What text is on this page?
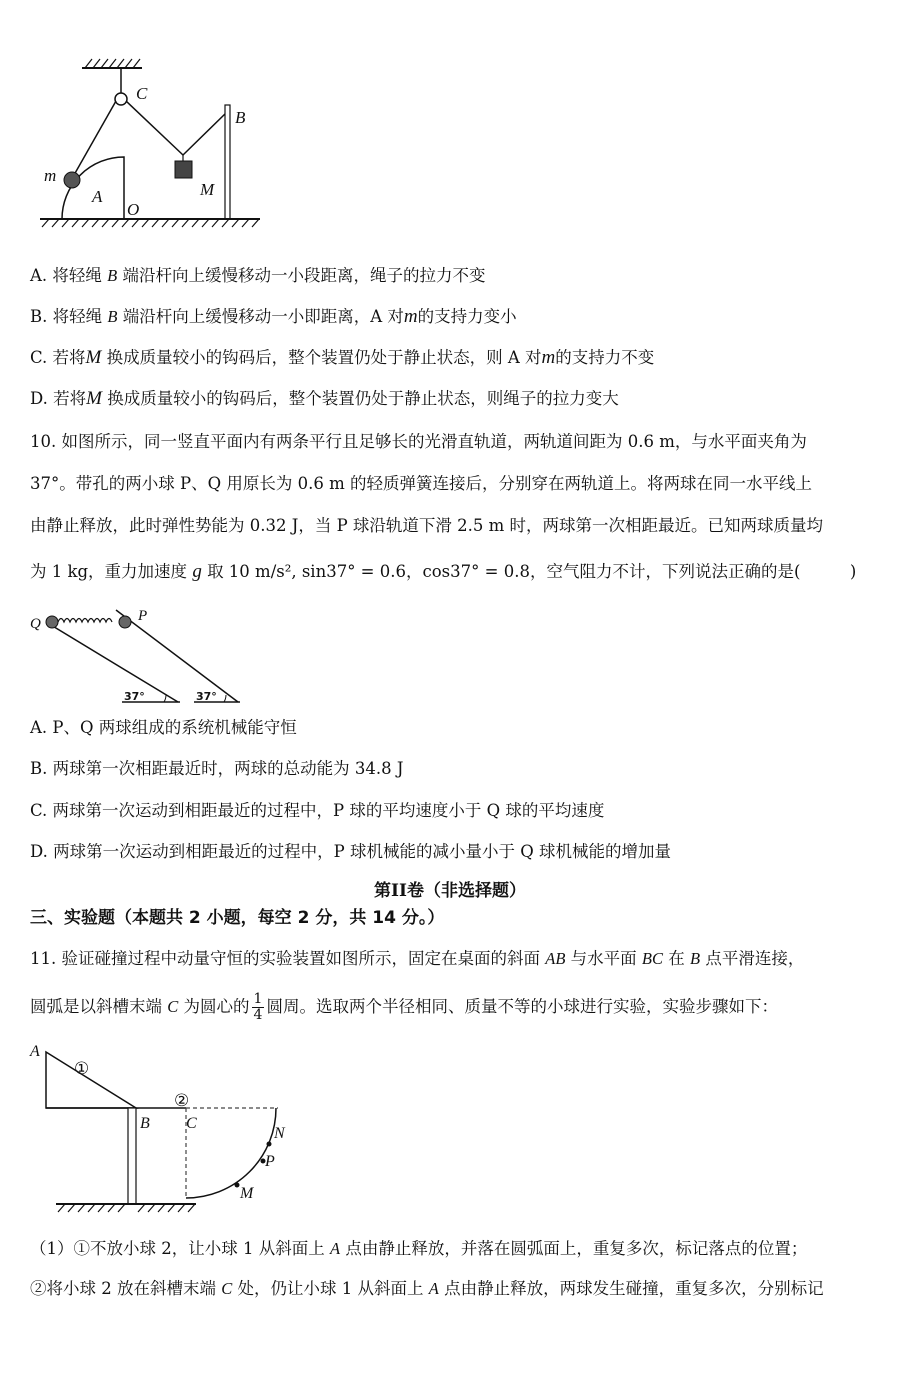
C
B
m
A
O
M
A. 将轻绳 B 端沿杆向上缓慢移动一小段距离，绳子的拉力不变
B. 将轻绳 B 端沿杆向上缓慢移动一小即距离，A 对m的支持力变小
C. 若将M 换成质量较小的钩码后，整个装置仍处于静止状态，则 A 对m的支持力不变
D. 若将M 换成质量较小的钩码后，整个装置仍处于静止状态，则绳子的拉力变大
10. 如图所示，同一竖直平面内有两条平行且足够长的光滑直轨道，两轨道间距为 0.6 m，与水平面夹角为
37°。带孔的两小球 P、Q 用原长为 0.6 m 的轻质弹簧连接后，分别穿在两轨道上。将两球在同一水平线上
由静止释放，此时弹性势能为 0.32 J，当 P 球沿轨道下滑 2.5 m 时，两球第一次相距最近。已知两球质量均
为 1 kg，重力加速度 g 取 10 m/s², sin37° = 0.6，cos37° = 0.8，空气阻力不计，下列说法正确的是(　　　)
Q	P
37°	37°
A. P、Q 两球组成的系统机械能守恒
B. 两球第一次相距最近时，两球的总动能为 34.8 J
C. 两球第一次运动到相距最近的过程中，P 球的平均速度小于 Q 球的平均速度
D. 两球第一次运动到相距最近的过程中，P 球机械能的减小量小于 Q 球机械能的增加量
第II卷（非选择题）
三、实验题（本题共 2 小题，每空 2 分，共 14 分。）
11. 验证碰撞过程中动量守恒的实验装置如图所示，固定在桌面的斜面 AB 与水平面 BC 在 B 点平滑连接，
圆弧是以斜槽末端 C 为圆心的 $\frac{1}{4}$ 圆周。选取两个半径相同、质量不等的小球进行实验，实验步骤如下：
A
B C
N
P
M
①
②
（1）①不放小球 2，让小球 1 从斜面上 A 点由静止释放，并落在圆弧面上，重复多次，标记落点的位置；
②将小球 2 放在斜槽末端 C 处，仍让小球 1 从斜面上 A 点由静止释放，两球发生碰撞，重复多次，分别标记
